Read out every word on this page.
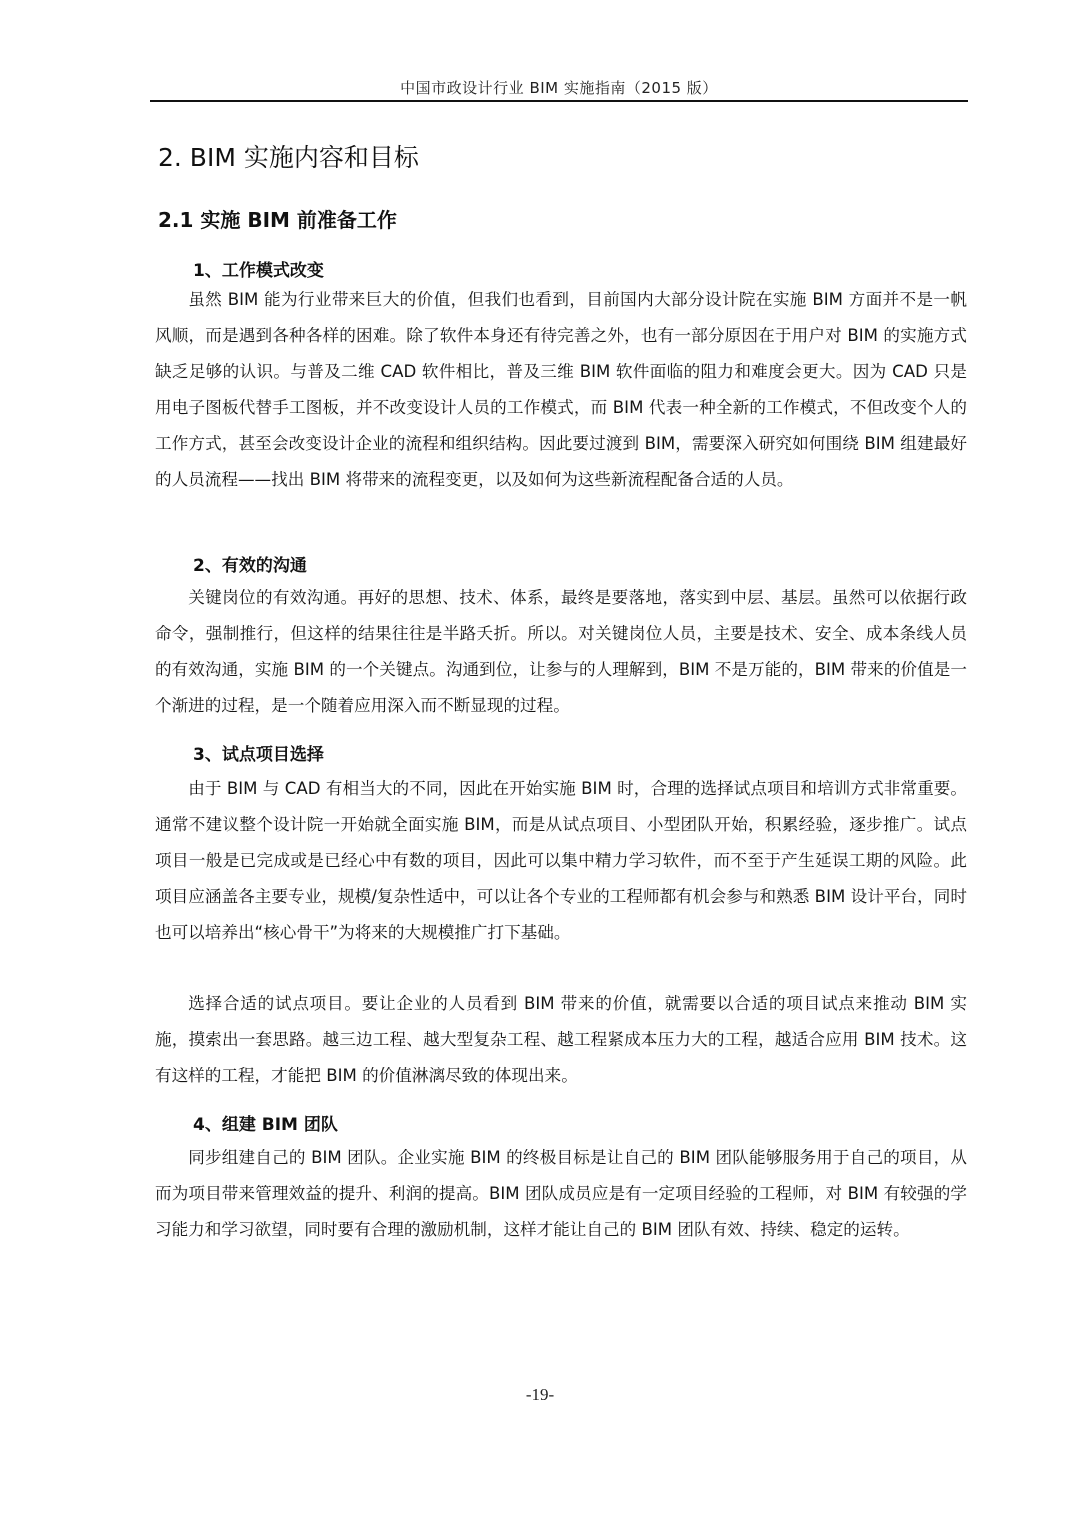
中国市政设计行业 BIM 实施指南（2015 版）
2. BIM 实施内容和目标
2.1 实施 BIM 前准备工作
1、工作模式改变

虽然 BIM 能为行业带来巨大的价值，但我们也看到，目前国内大部分设计院在实施 BIM 方面并不是一帆风顺，而是遇到各种各样的困难。除了软件本身还有待完善之外，也有一部分原因在于用户对 BIM 的实施方式缺乏足够的认识。与普及二维 CAD 软件相比，普及三维 BIM 软件面临的阻力和难度会更大。因为 CAD 只是用电子图板代替手工图板，并不改变设计人员的工作模式，而 BIM 代表一种全新的工作模式，不但改变个人的工作方式，甚至会改变设计企业的流程和组织结构。因此要过渡到 BIM，需要深入研究如何围绕 BIM 组建最好的人员流程——找出 BIM 将带来的流程变更，以及如何为这些新流程配备合适的人员。

2、有效的沟通

关键岗位的有效沟通。再好的思想、技术、体系，最终是要落地，落实到中层、基层。虽然可以依据行政命令，强制推行，但这样的结果往往是半路夭折。所以。对关键岗位人员，主要是技术、安全、成本条线人员的有效沟通，实施 BIM 的一个关键点。沟通到位，让参与的人理解到，BIM 不是万能的，BIM 带来的价值是一个渐进的过程，是一个随着应用深入而不断显现的过程。

3、试点项目选择

由于 BIM 与 CAD 有相当大的不同，因此在开始实施 BIM 时，合理的选择试点项目和培训方式非常重要。通常不建议整个设计院一开始就全面实施 BIM，而是从试点项目、小型团队开始，积累经验，逐步推广。试点项目一般是已完成或是已经心中有数的项目，因此可以集中精力学习软件，而不至于产生延误工期的风险。此项目应涵盖各主要专业，规模/复杂性适中，可以让各个专业的工程师都有机会参与和熟悉 BIM 设计平台，同时也可以培养出“核心骨干”为将来的大规模推广打下基础。

选择合适的试点项目。要让企业的人员看到 BIM 带来的价值，就需要以合适的项目试点来推动 BIM 实施，摸索出一套思路。越三边工程、越大型复杂工程、越工程紧成本压力大的工程，越适合应用 BIM 技术。这有这样的工程，才能把 BIM 的价值淋漓尽致的体现出来。

4、组建 BIM 团队

同步组建自己的 BIM 团队。企业实施 BIM 的终极目标是让自己的 BIM 团队能够服务用于自己的项目，从而为项目带来管理效益的提升、利润的提高。BIM 团队成员应是有一定项目经验的工程师，对 BIM 有较强的学习能力和学习欲望，同时要有合理的激励机制，这样才能让自己的 BIM 团队有效、持续、稳定的运转。

-19-
